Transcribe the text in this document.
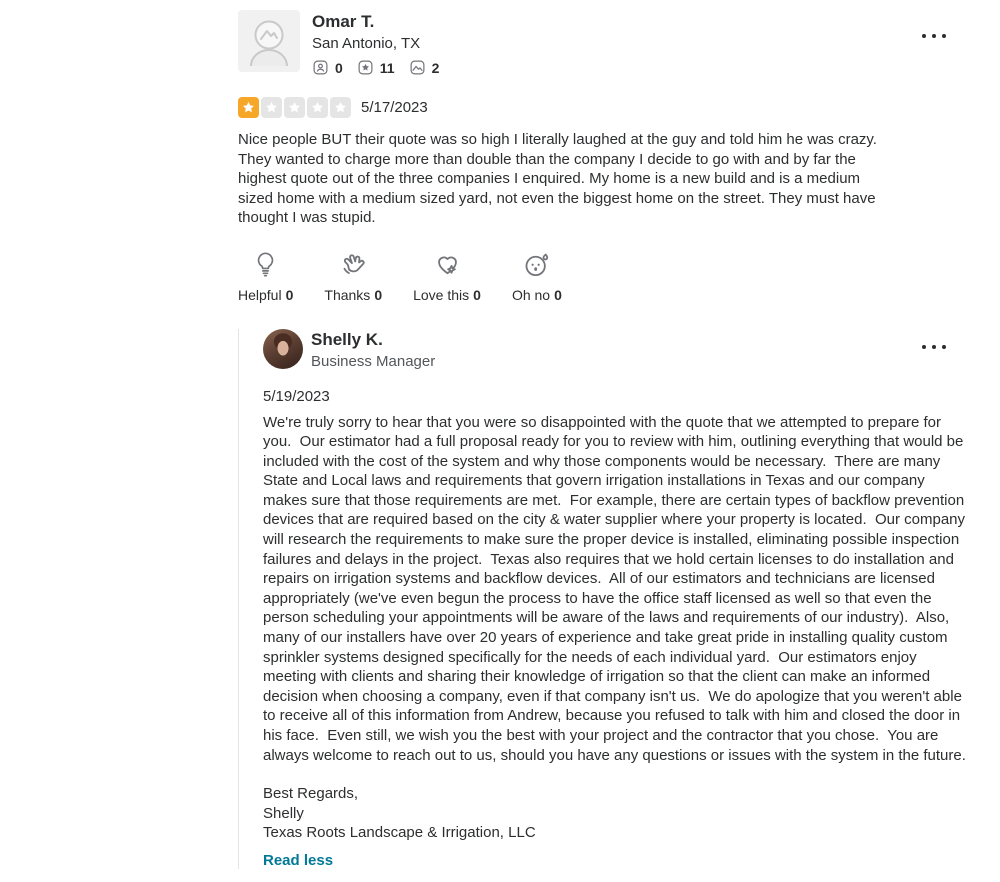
Omar T.
San Antonio, TX
0	11	2
5/17/2023
Nice people BUT their quote was so high I literally laughed at the guy and told him he was crazy. They wanted to charge more than double than the company I decide to go with and by far the highest quote out of the three companies I enquired. My home is a new build and is a medium sized home with a medium sized yard, not even the biggest home on the street. They must have thought I was stupid.
Helpful 0 Thanks 0 Love this 0 Oh no 0
Shelly K.
Business Manager
5/19/2023
We're truly sorry to hear that you were so disappointed with the quote that we attempted to prepare for you.  Our estimator had a full proposal ready for you to review with him, outlining everything that would be included with the cost of the system and why those components would be necessary.  There are many State and Local laws and requirements that govern irrigation installations in Texas and our company makes sure that those requirements are met.  For example, there are certain types of backflow prevention devices that are required based on the city & water supplier where your property is located.  Our company will research the requirements to make sure the proper device is installed, eliminating possible inspection failures and delays in the project.  Texas also requires that we hold certain licenses to do installation and repairs on irrigation systems and backflow devices.  All of our estimators and technicians are licensed appropriately (we've even begun the process to have the office staff licensed as well so that even the person scheduling your appointments will be aware of the laws and requirements of our industry).  Also, many of our installers have over 20 years of experience and take great pride in installing quality custom sprinkler systems designed specifically for the needs of each individual yard.  Our estimators enjoy meeting with clients and sharing their knowledge of irrigation so that the client can make an informed decision when choosing a company, even if that company isn't us.  We do apologize that you weren't able to receive all of this information from Andrew, because you refused to talk with him and closed the door in his face.  Even still, we wish you the best with your project and the contractor that you chose.  You are always welcome to reach out to us, should you have any questions or issues with the system in the future.
Best Regards,
Shelly
Texas Roots Landscape & Irrigation, LLC
Read less
